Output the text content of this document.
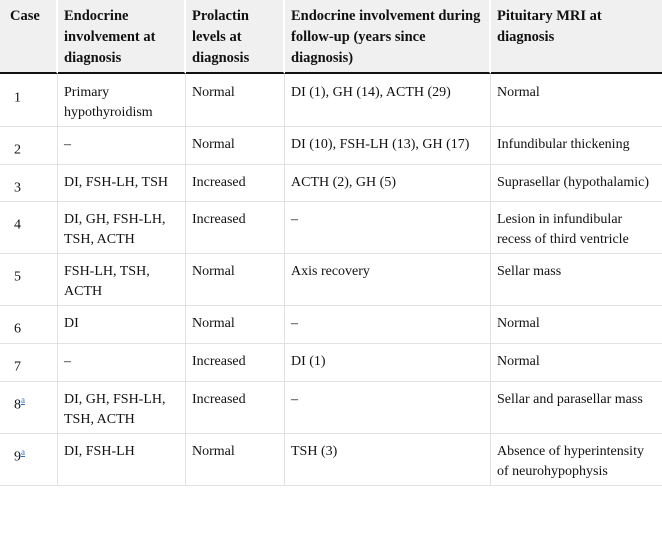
Case	Endocrine involvement at diagnosis	Prolactin levels at diagnosis	Endocrine involvement during follow-up (years since diagnosis)	Pituitary MRI at diagnosis
1	Primary hypothyroidism	Normal	DI (1), GH (14), ACTH (29)	Normal
2	–	Normal	DI (10), FSH-LH (13), GH (17)	Infundibular thickening
3	DI, FSH-LH, TSH	Increased	ACTH (2), GH (5)	Suprasellar (hypothalamic)
4	DI, GH, FSH-LH, TSH, ACTH	Increased	–	Lesion in infundibular recess of third ventricle
5	FSH-LH, TSH, ACTH	Normal	Axis recovery	Sellar mass
6	DI	Normal	–	Normal
7	–	Increased	DI (1)	Normal
8$^a$	DI, GH, FSH-LH, TSH, ACTH	Increased	–	Sellar and parasellar mass
9$^a$	DI, FSH-LH	Normal	TSH (3)	Absence of hyperintensity of neurohypophysis
